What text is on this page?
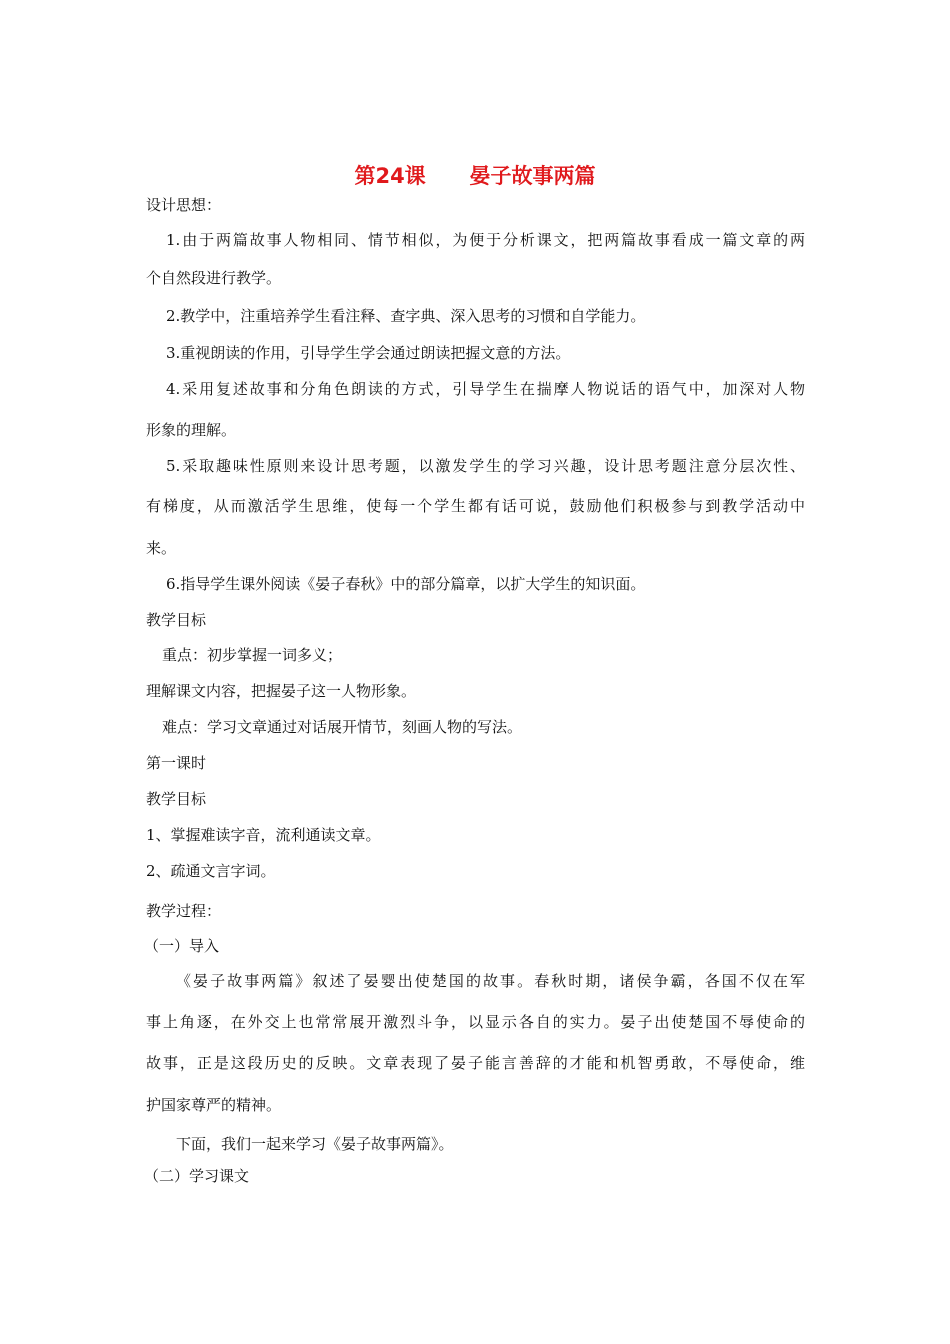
第24课      晏子故事两篇
设计思想：
1.由于两篇故事人物相同、情节相似，为便于分析课文，把两篇故事看成一篇文章的两
个自然段进行教学。
2.教学中，注重培养学生看注释、查字典、深入思考的习惯和自学能力。
3.重视朗读的作用，引导学生学会通过朗读把握文意的方法。
4.采用复述故事和分角色朗读的方式，引导学生在揣摩人物说话的语气中，加深对人物
形象的理解。
5.采取趣味性原则来设计思考题，以激发学生的学习兴趣，设计思考题注意分层次性、
有梯度，从而激活学生思维，使每一个学生都有话可说，鼓励他们积极参与到教学活动中
来。
6.指导学生课外阅读《晏子春秋》中的部分篇章，以扩大学生的知识面。
教学目标
重点：初步掌握一词多义；
理解课文内容，把握晏子这一人物形象。
难点：学习文章通过对话展开情节，刻画人物的写法。
第一课时
教学目标
1、掌握难读字音，流利通读文章。
2、疏通文言字词。
教学过程：
（一）导入
《晏子故事两篇》叙述了晏婴出使楚国的故事。春秋时期，诸侯争霸，各国不仅在军
事上角逐，在外交上也常常展开激烈斗争，以显示各自的实力。晏子出使楚国不辱使命的
故事，正是这段历史的反映。文章表现了晏子能言善辞的才能和机智勇敢，不辱使命，维
护国家尊严的精神。
下面，我们一起来学习《晏子故事两篇》。
（二）学习课文
